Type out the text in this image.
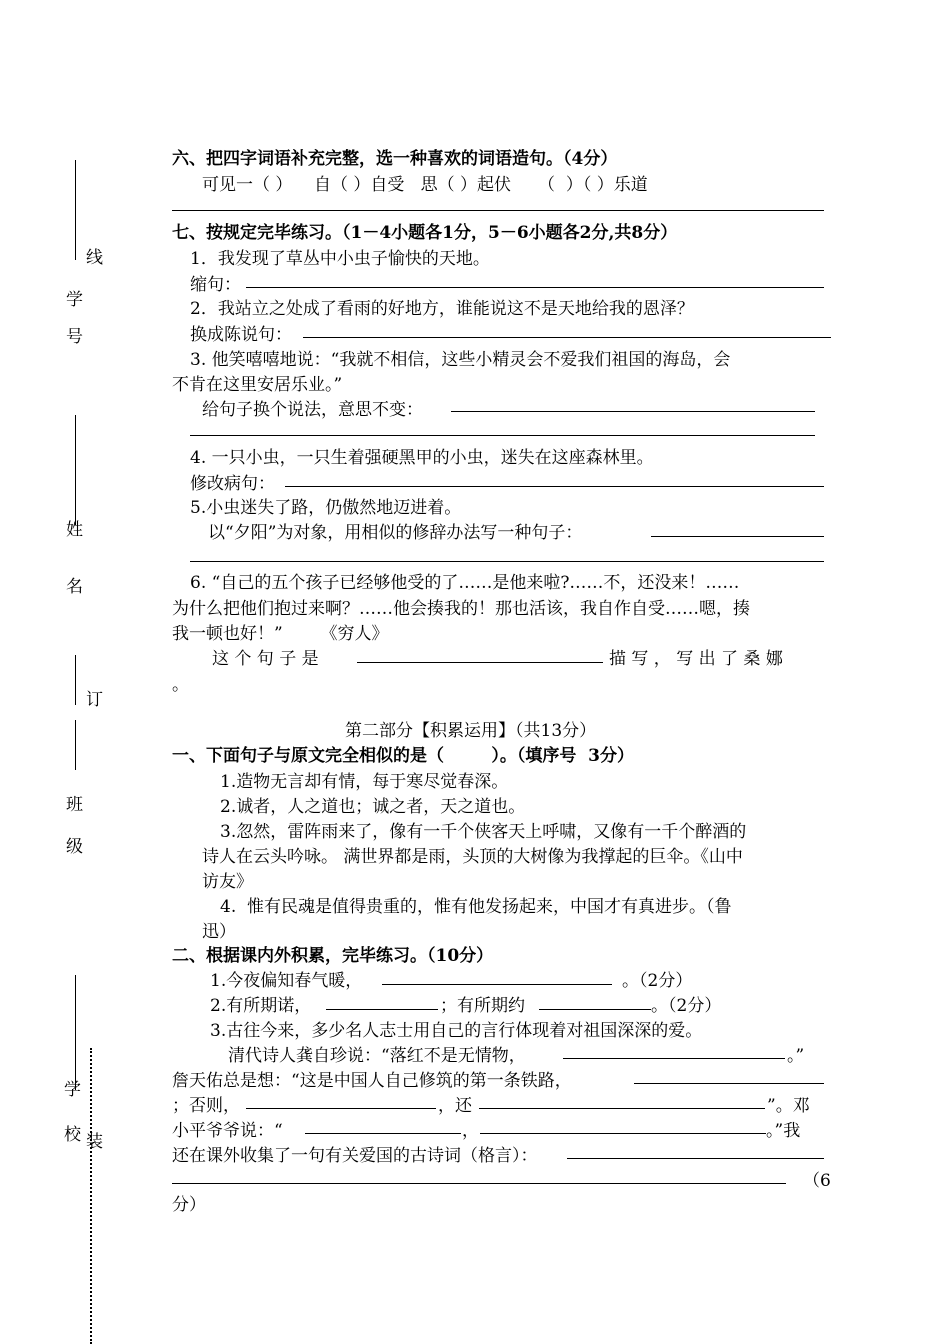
线
学号
姓名
订
班级
学校 装
六、把四字词语补充完整，选一种喜欢的词语造句。（4分）
可见一（ ）    自（ ）自受   思（ ）起伏     （  ）（ ）乐道
七、按规定完毕练习。（1－4小题各1分，5－6小题各2分,共8分）
1．我发现了草丛中小虫子愉快的天地。
缩句：
2．我站立之处成了看雨的好地方，谁能说这不是天地给我的恩泽？
换成陈说句：
3. 他笑嘻嘻地说：“我就不相信，这些小精灵会不爱我们祖国的海岛，会
不肯在这里安居乐业。”
给句子换个说法，意思不变：
4. 一只小虫，一只生着强硬黑甲的小虫，迷失在这座森林里。
修改病句：
5.小虫迷失了路，仍傲然地迈进着。
以“夕阳”为对象，用相似的修辞办法写一种句子：
6. “自己的五个孩子已经够他受的了……是他来啦?……不，还没来！……
为什么把他们抱过来啊？……他会揍我的！那也活该，我自作自受……嗯，揍
我一顿也好！”       《穷人》
这 个 句 子 是	描 写 ， 写 出 了 桑 娜
。
第二部分【积累运用】（共13分）
一、下面句子与原文完全相似的是（        ）。（填序号  3分）
1.造物无言却有情，每于寒尽觉春深。
2.诚者，人之道也；诚之者，天之道也。
3.忽然，雷阵雨来了，像有一千个侠客天上呼啸，又像有一千个醉酒的
诗人在云头吟咏。 满世界都是雨，头顶的大树像为我撑起的巨伞。《山中
访友》
4.  惟有民魂是值得贵重的，惟有他发扬起来，中国才有真进步。（鲁
迅）
二、根据课内外积累，完毕练习。（10分）
1.今夜偏知春气暖，	。（2分）
2.有所期诺，	；有所期约	。（2分）
3.古往今来，多少名人志士用自己的言行体现着对祖国深深的爱。
清代诗人龚自珍说：“落红不是无情物，	。”
詹天佑总是想：“这是中国人自己修筑的第一条铁路，
；否则，	，还	”。邓
小平爷爷说：“	，	。”我
还在课外收集了一句有关爱国的古诗词（格言）：
（6
分）
